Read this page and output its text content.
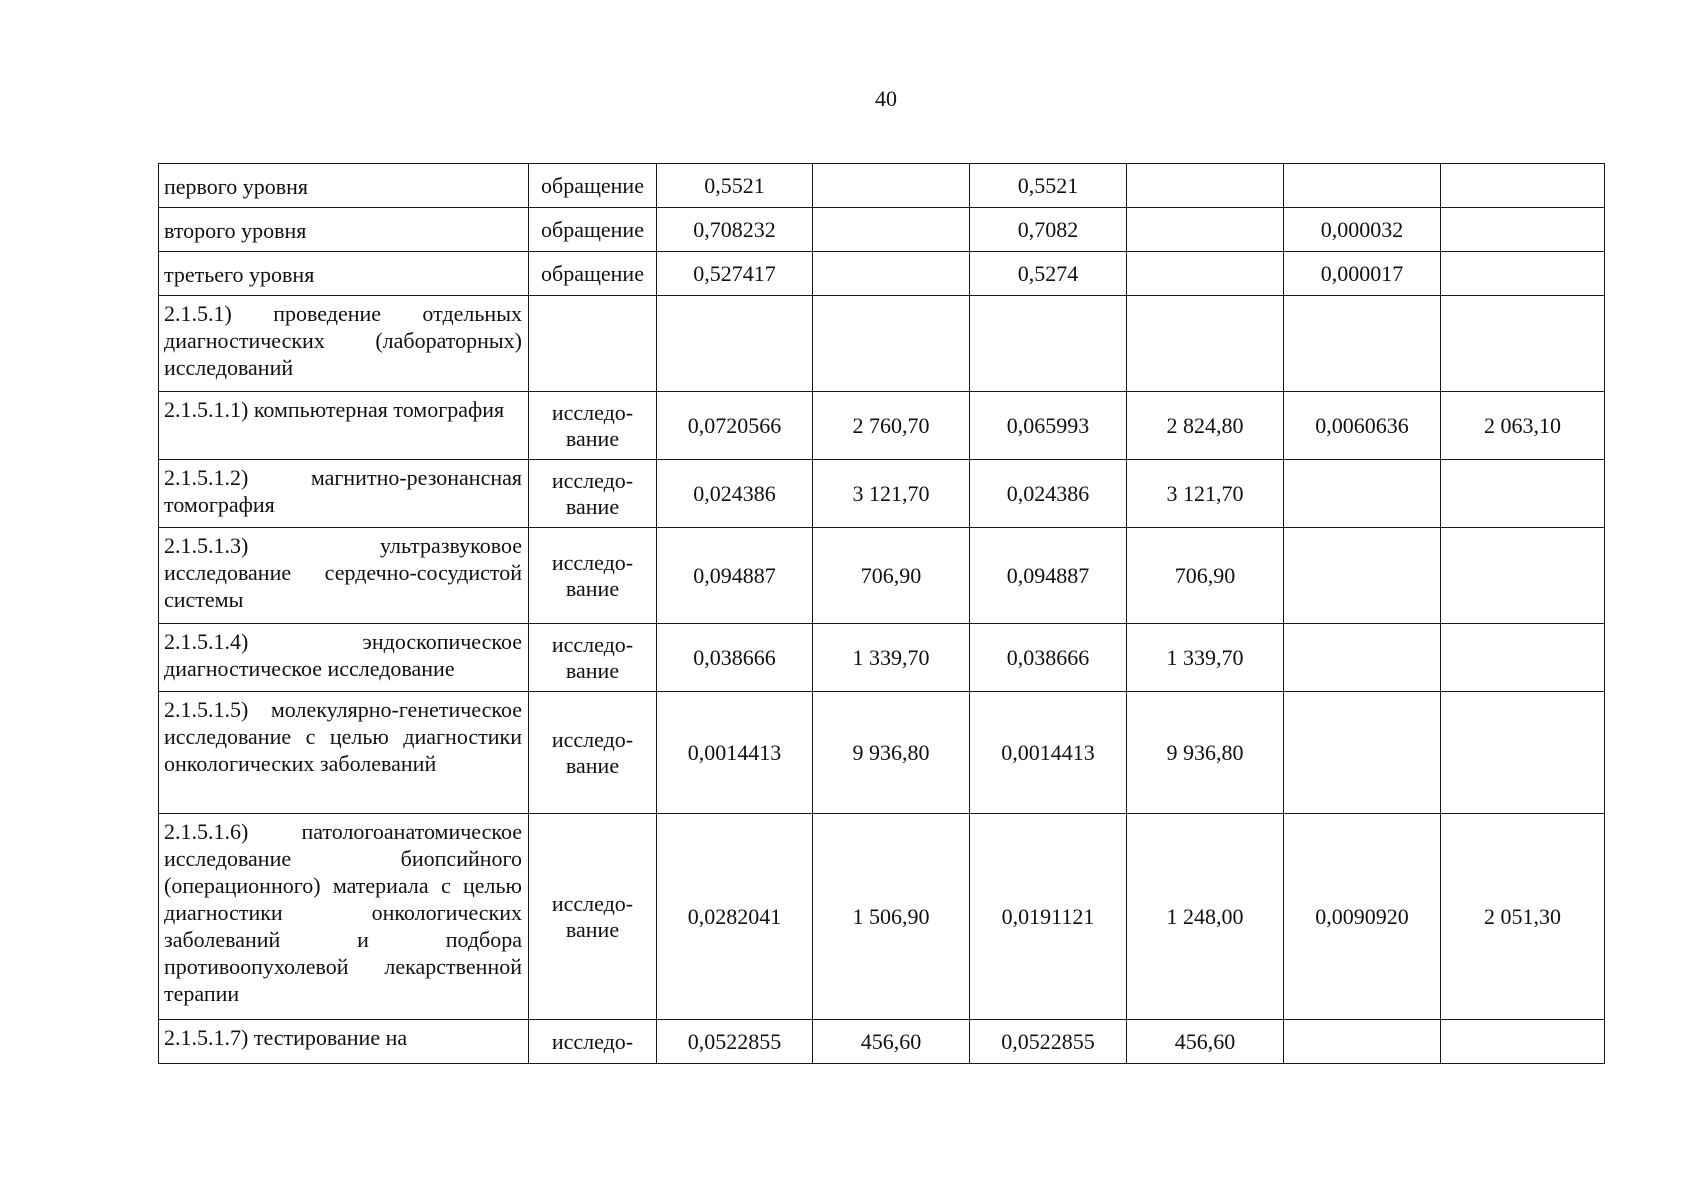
40
первого уровня	обращение	0,5521		0,5521			
второго уровня	обращение	0,708232		0,7082		0,000032	
третьего уровня	обращение	0,527417		0,5274		0,000017	
2.1.5.1) проведение отдельных диагностических (лабораторных) исследований							
2.1.5.1.1) компьютерная томография	исследо-вание	0,0720566	2 760,70	0,065993	2 824,80	0,0060636	2 063,10
2.1.5.1.2) магнитно-резонансная томография	исследо-вание	0,024386	3 121,70	0,024386	3 121,70		
2.1.5.1.3) ультразвуковое исследование сердечно-сосудистой системы	исследо-вание	0,094887	706,90	0,094887	706,90		
2.1.5.1.4) эндоскопическое диагностическое исследование	исследо-вание	0,038666	1 339,70	0,038666	1 339,70		
2.1.5.1.5) молекулярно-генетическое исследование с целью диагностики онкологических заболеваний	исследо-вание	0,0014413	9 936,80	0,0014413	9 936,80		
2.1.5.1.6) патологоанатомическое исследование биопсийного (операционного) материала с целью диагностики онкологических заболеваний и подбора противоопухолевой лекарственной терапии	исследо-вание	0,0282041	1 506,90	0,0191121	1 248,00	0,0090920	2 051,30
2.1.5.1.7) тестирование на	исследо-	0,0522855	456,60	0,0522855	456,60		
